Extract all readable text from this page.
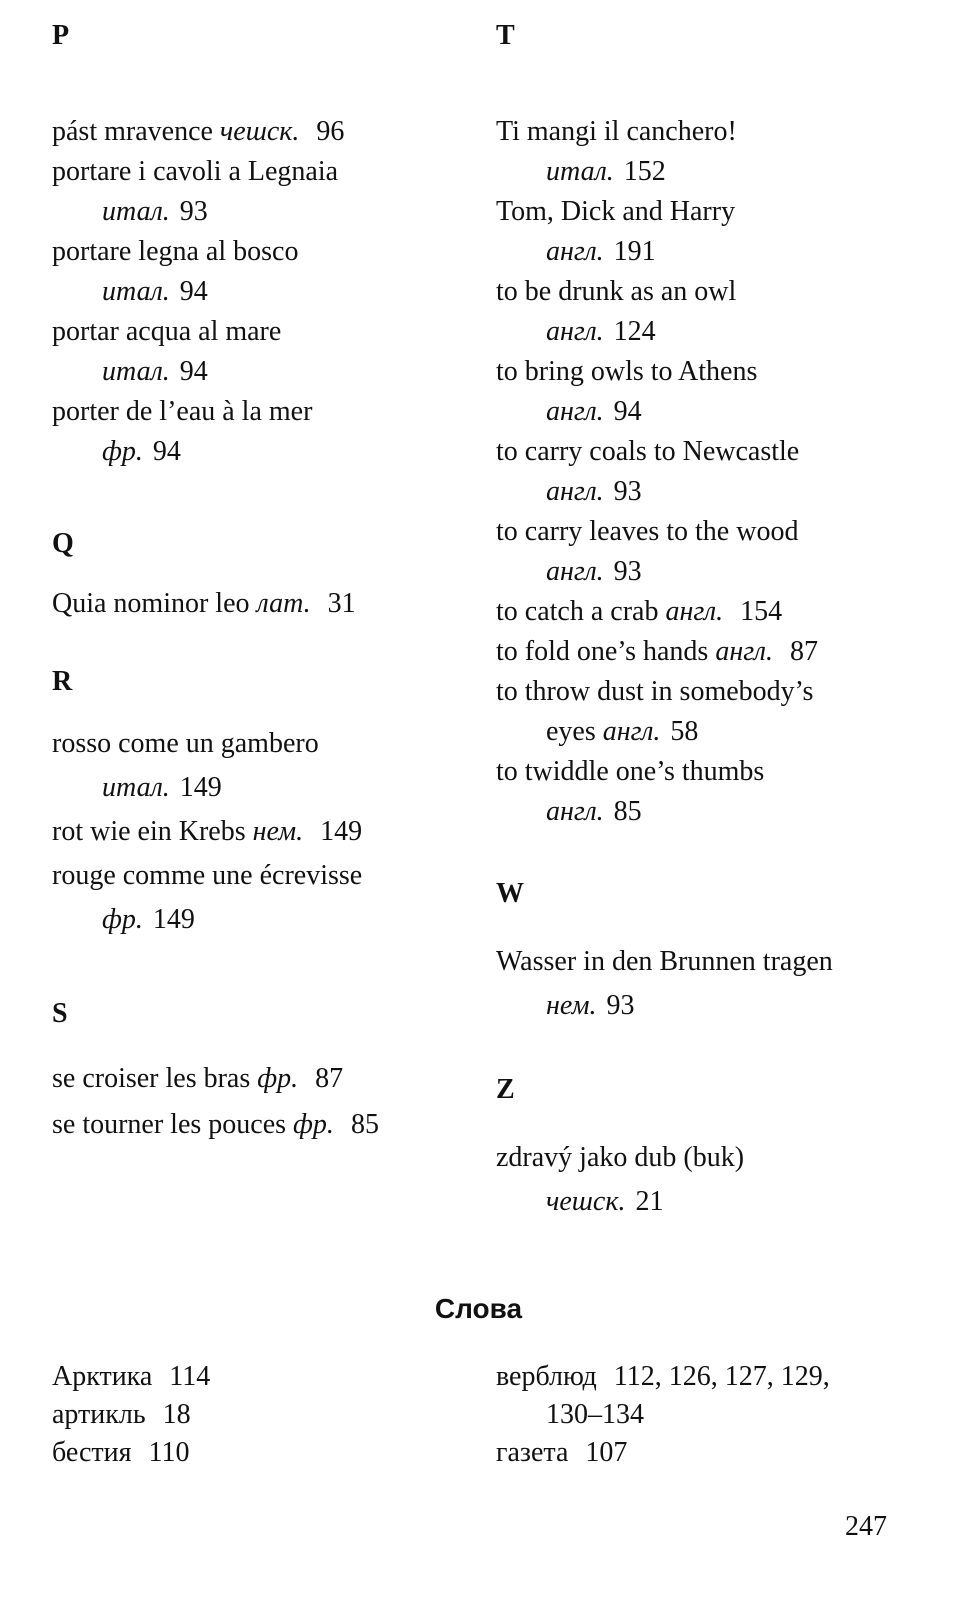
P

pást mravence чешск. 96

portare i cavoli a Legnaia
итал. 93

portare legna al bosco
итал. 94

portar acqua al mare
итал. 94

porter de l’eau à la mer
фр. 94

Q

Quia nominor leo лат. 31

R

rosso come un gambero
итал. 149

rot wie ein Krebs нем. 149

rouge comme une écrevisse
фр. 149

S

se croiser les bras фр. 87

se tourner les pouces фр. 85

T

Ti mangi il canchero!
итал. 152

Tom, Dick and Harry
англ. 191

to be drunk as an owl
англ. 124

to bring owls to Athens
англ. 94

to carry coals to Newcastle
англ. 93

to carry leaves to the wood
англ. 93

to catch a crab англ. 154

to fold one’s hands англ. 87

to throw dust in somebody’s
eyes англ. 58

to twiddle one’s thumbs
англ. 85

W

Wasser in den Brunnen tragen
нем. 93

Z

zdravý jako dub (buk)
чешск. 21

Слова

Арктика 114

артикль 18

бестия 110

верблюд 112, 126, 127, 129,
130–134

газета 107

247
